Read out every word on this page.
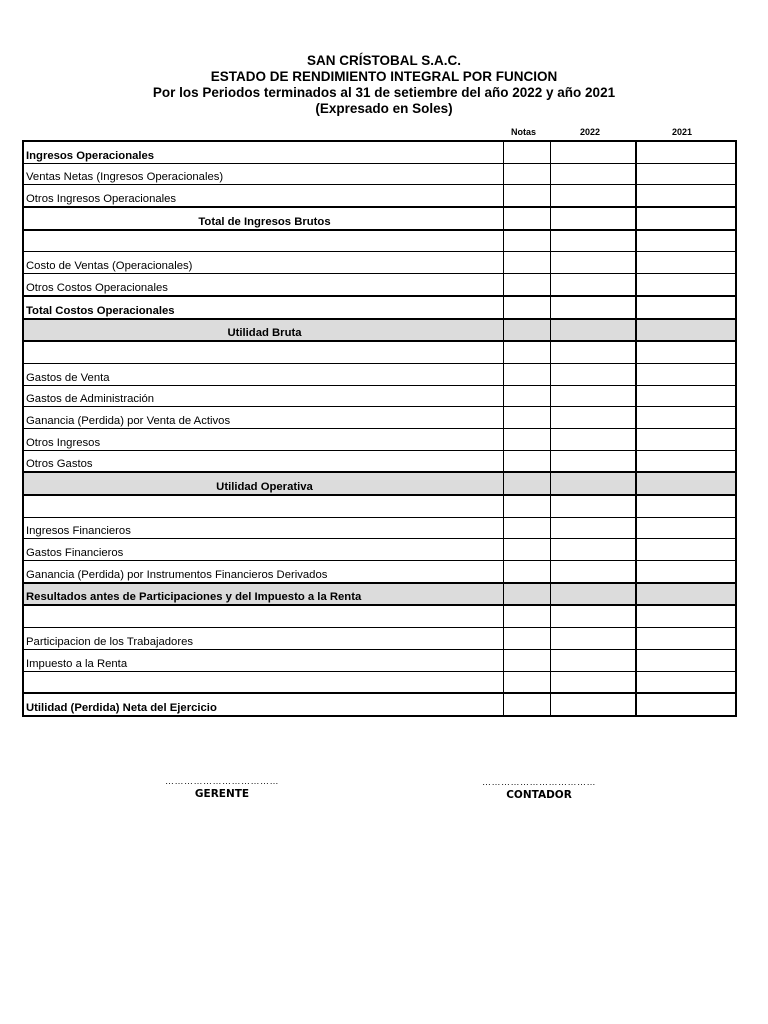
SAN CRÍSTOBAL S.A.C.
ESTADO DE RENDIMIENTO INTEGRAL POR FUNCION
Por los Periodos terminados al 31 de setiembre del año 2022 y año 2021
(Expresado en Soles)
Notas	2022	2021
Ingresos Operacionales			
Ventas Netas (Ingresos Operacionales)			
Otros Ingresos Operacionales			
Total de Ingresos Brutos			

Costo de Ventas (Operacionales)			
Otros Costos Operacionales			
Total Costos Operacionales			
Utilidad Bruta			

Gastos de Venta			
Gastos de Administración			
Ganancia (Perdida) por Venta de Activos			
Otros Ingresos			
Otros Gastos			
Utilidad Operativa			

Ingresos Financieros			
Gastos Financieros			
Ganancia (Perdida) por Instrumentos Financieros Derivados			
Resultados antes de Participaciones y del Impuesto a la Renta			

Participacion de los Trabajadores			
Impuesto a la Renta			

Utilidad (Perdida) Neta del Ejercicio			
………………………………
GERENTE
………………………………
CONTADOR
